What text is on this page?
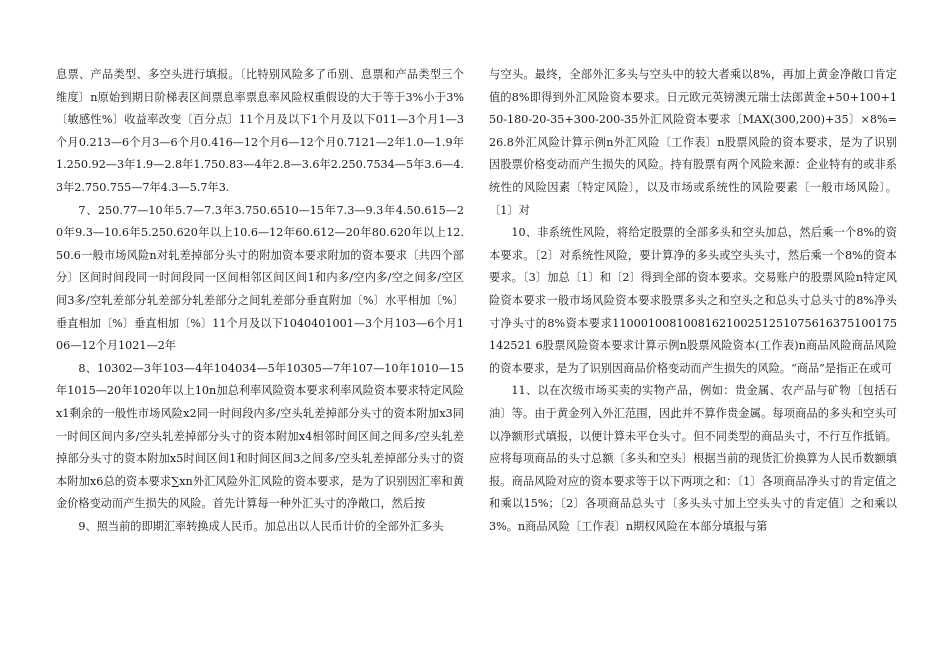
息票、产品类型、多空头进行填报。〔比特别风险多了币别、息票和产品类型三个维度〕n原始到期日阶梯表区间票息率票息率风险权重假设的大于等于3%小于3%〔敏感性%〕收益率改变〔百分点〕11个月及以下1个月及以下011—3个月1—3个月0.213—6个月3—6个月0.416—12个月6—12个月0.7121—2年1.0—1.9年1.250.92—3年1.9—2.8年1.750.83—4年2.8—3.6年2.250.7534—5年3.6—4.3年2.750.755—7年4.3—5.7年3.

7、250.77—10年5.7—7.3年3.750.6510—15年7.3—9.3年4.50.615—20年9.3—10.6年5.250.620年以上10.6—12年60.612—20年80.620年以上12.50.6一般市场风险n对轧差掉部分头寸的附加资本要求附加的资本要求〔共四个部分〕区间时间段同一时间段同一区间相邻区间区间1和内多/空内多/空之间多/空区间3多/空轧差部分轧差部分轧差部分之间轧差部分垂直附加〔%〕水平相加〔%〕垂直相加〔%〕垂直相加〔%〕11个月及以下1040401001—3个月103—6个月106—12个月1021—2年

8、10302—3年103—4年104034—5年10305—7年107—10年1010—15年1015—20年1020年以上10n加总利率风险资本要求利率风险资本要求特定风险x1剩余的一般性市场风险x2同一时间段内多/空头轧差掉部分头寸的资本附加x3同一时间区间内多/空头轧差掉部分头寸的资本附加x4相邻时间区间之间多/空头轧差掉部分头寸的资本附加x5时间区间1和时间区间3之间多/空头轧差掉部分头寸的资本附加x6总的资本要求∑xn外汇风险外汇风险的资本要求，是为了识别因汇率和黄金价格变动而产生损失的风险。首先计算每一种外汇头寸的净敞口，然后按

9、照当前的即期汇率转换成人民币。加总出以人民币计价的全部外汇多头

与空头。最终，全部外汇多头与空头中的较大者乘以8%，再加上黄金净敞口肯定值的8%即得到外汇风险资本要求。日元欧元英镑澳元瑞士法郎黄金+50+100+150-180-20-35+300-200-35外汇风险资本要求〔MAX(300,200)+35〕×8%=26.8外汇风险计算示例n外汇风险〔工作表〕n股票风险的资本要求，是为了识别因股票价格变动而产生损失的风险。持有股票有两个风险来源：企业特有的或非系统性的风险因素〔特定风险〕，以及市场或系统性的风险要素〔一般市场风险〕。〔1〕对

10、非系统性风险，将给定股票的全部多头和空头加总，然后乘一个8%的资本要求。〔2〕对系统性风险，要计算净的多头或空头头寸，然后乘一个8%的资本要求。〔3〕加总〔1〕和〔2〕得到全部的资本要求。交易账户的股票风险n特定风险资本要求一般市场风险资本要求股票多头之和空头之和总头寸总头寸的8%净头寸净头寸的8%资本要求1100010081008162100251251075616375100175142521 6股票风险资本要求计算示例n股票风险资本(工作表)n商品风险商品风险的资本要求，是为了识别因商品价格变动而产生损失的风险。“商品”是指正在或可

11、以在次级市场买卖的实物产品，例如：贵金属、农产品与矿物〔包括石油〕等。由于黄金列入外汇范围，因此并不算作贵金属。每项商品的多头和空头可以净额形式填报，以便计算未平仓头寸。但不同类型的商品头寸，不行互作抵销。应将每项商品的头寸总额〔多头和空头〕根据当前的现货汇价换算为人民币数额填报。商品风险对应的资本要求等于以下两项之和：〔1〕各项商品净头寸的肯定值之和乘以15%；〔2〕各项商品总头寸〔多头头寸加上空头头寸的肯定值〕之和乘以3%。n商品风险〔工作表〕n期权风险在本部分填报与第
